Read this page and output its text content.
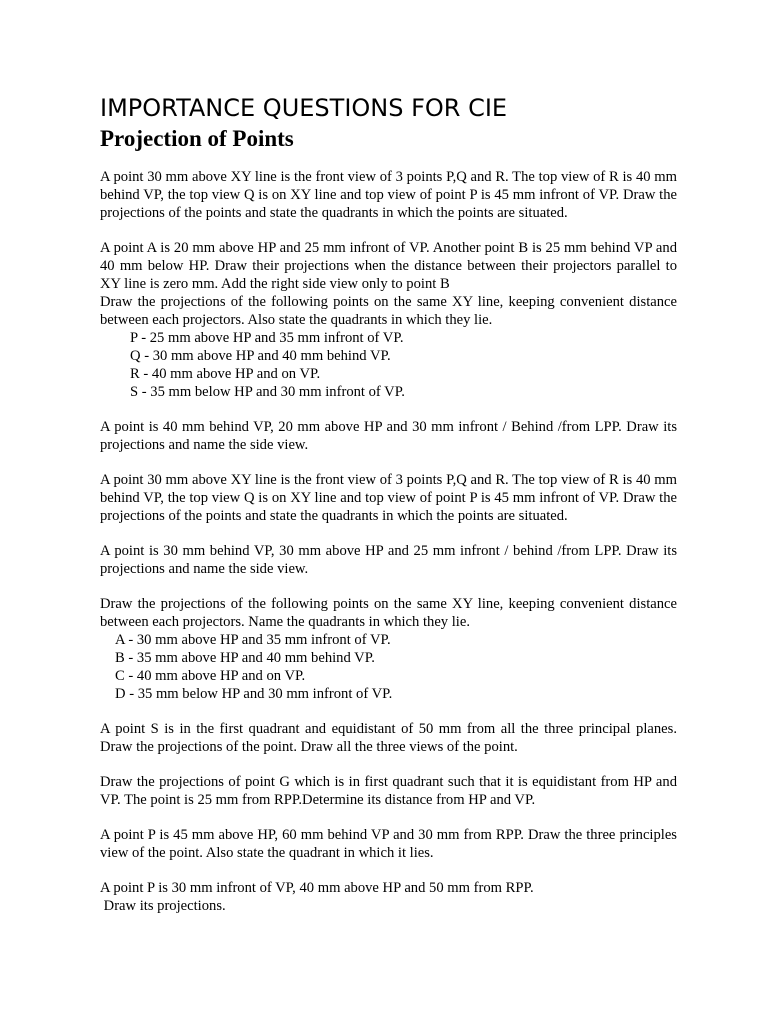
IMPORTANCE QUESTIONS FOR CIE
Projection of Points

A point 30 mm above XY line is the front view of 3 points P,Q and R. The top view of R is 40 mm behind VP, the top view Q is on XY line and top view of point P is 45 mm infront of VP. Draw the projections of the points and state the quadrants in which the points are situated.

A point A is 20 mm above HP and 25 mm infront of VP. Another point B is 25 mm behind VP and 40 mm below HP. Draw their projections when the distance between their projectors parallel to XY line is zero mm. Add the right side view only to point B

Draw the projections of the following points on the same XY line, keeping convenient distance between each projectors. Also state the quadrants in which they lie.

P - 25 mm above HP and 35 mm infront of VP.
Q - 30 mm above HP and 40 mm behind VP.
R - 40 mm above HP and on VP.
S - 35 mm below HP and 30 mm infront of VP.

A point is 40 mm behind VP, 20 mm above HP and 30 mm infront / Behind /from LPP. Draw its projections and name the side view.

A point 30 mm above XY line is the front view of 3 points P,Q and R. The top view of R is 40 mm behind VP, the top view Q is on XY line and top view of point P is 45 mm infront of VP. Draw the projections of the points and state the quadrants in which the points are situated.

A point is 30 mm behind VP, 30 mm above HP and 25 mm infront / behind /from LPP. Draw its projections and name the side view.

Draw the projections of the following points on the same XY line, keeping convenient distance between each projectors. Name the quadrants in which they lie.

A - 30 mm above HP and 35 mm infront of VP.
B - 35 mm above HP and 40 mm behind VP.
C - 40 mm above HP and on VP.
D - 35 mm below HP and 30 mm infront of VP.

A point S is in the first quadrant and equidistant of 50 mm from all the three principal planes. Draw the projections of the point. Draw all the three views of the point.

Draw the projections of point G which is in first quadrant such that it is equidistant from HP and VP. The point is 25 mm from RPP.Determine its distance from HP and VP.

A point P is 45 mm above HP, 60 mm behind VP and 30 mm from RPP. Draw the three principles view of the point. Also state the quadrant in which it lies.

A point P is 30 mm infront of VP, 40 mm above HP and 50 mm from RPP.
Draw its projections.
